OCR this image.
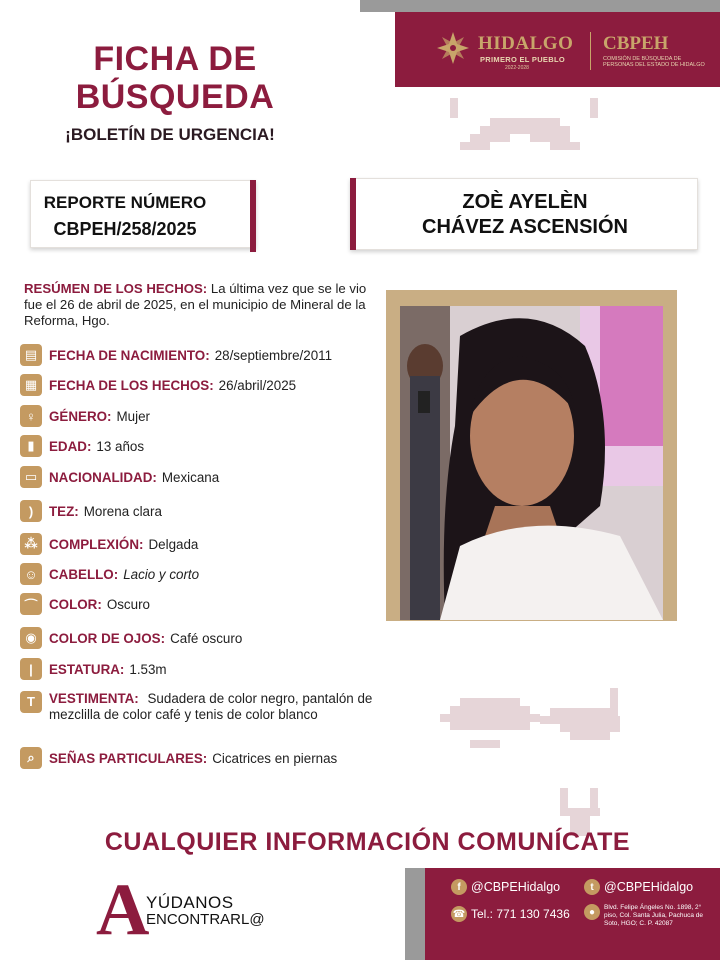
HIDALGO
PRIMERO EL PUEBLO
2022-2028
CBPEH
COMISIÓN DE BÚSQUEDA DE PERSONAS DEL ESTADO DE HIDALGO
FICHA DE
BÚSQUEDA
¡BOLETÍN DE URGENCIA!
REPORTE NÚMERO
CBPEH/258/2025
ZOÈ AYELÈN
CHÁVEZ ASCENSIÓN
RESÚMEN DE LOS HECHOS: La última vez que se le vio fue el 26 de abril de 2025, en el municipio de Mineral de la Reforma, Hgo.
▤ FECHA DE NACIMIENTO: 28/septiembre/2011
▦ FECHA DE LOS HECHOS: 26/abril/2025
♀ GÉNERO: Mujer
▮	EDAD: 13 años
▭ NACIONALIDAD: Mexicana
)	TEZ: Morena clara
⁂ COMPLEXIÓN: Delgada
☺ CABELLO: Lacio y corto
⌒ COLOR: Oscuro
◉ COLOR DE OJOS: Café oscuro
|	ESTATURA: 1.53m
T	VESTIMENTA: Sudadera de color negro, pantalón de mezclilla de color café y tenis de color blanco
⌕	SEÑAS PARTICULARES: Cicatrices en piernas
CUALQUIER INFORMACIÓN COMUNÍCATE
A
YÚDANOS
ENCONTRARL@
f @CBPEHidalgo	t @CBPEHidalgo
☎ Tel.: 771 130 7436	●	Blvd. Felipe Ángeles No. 1898, 2° piso, Col. Santa Julia, Pachuca de Soto, HGO; C. P. 42087
